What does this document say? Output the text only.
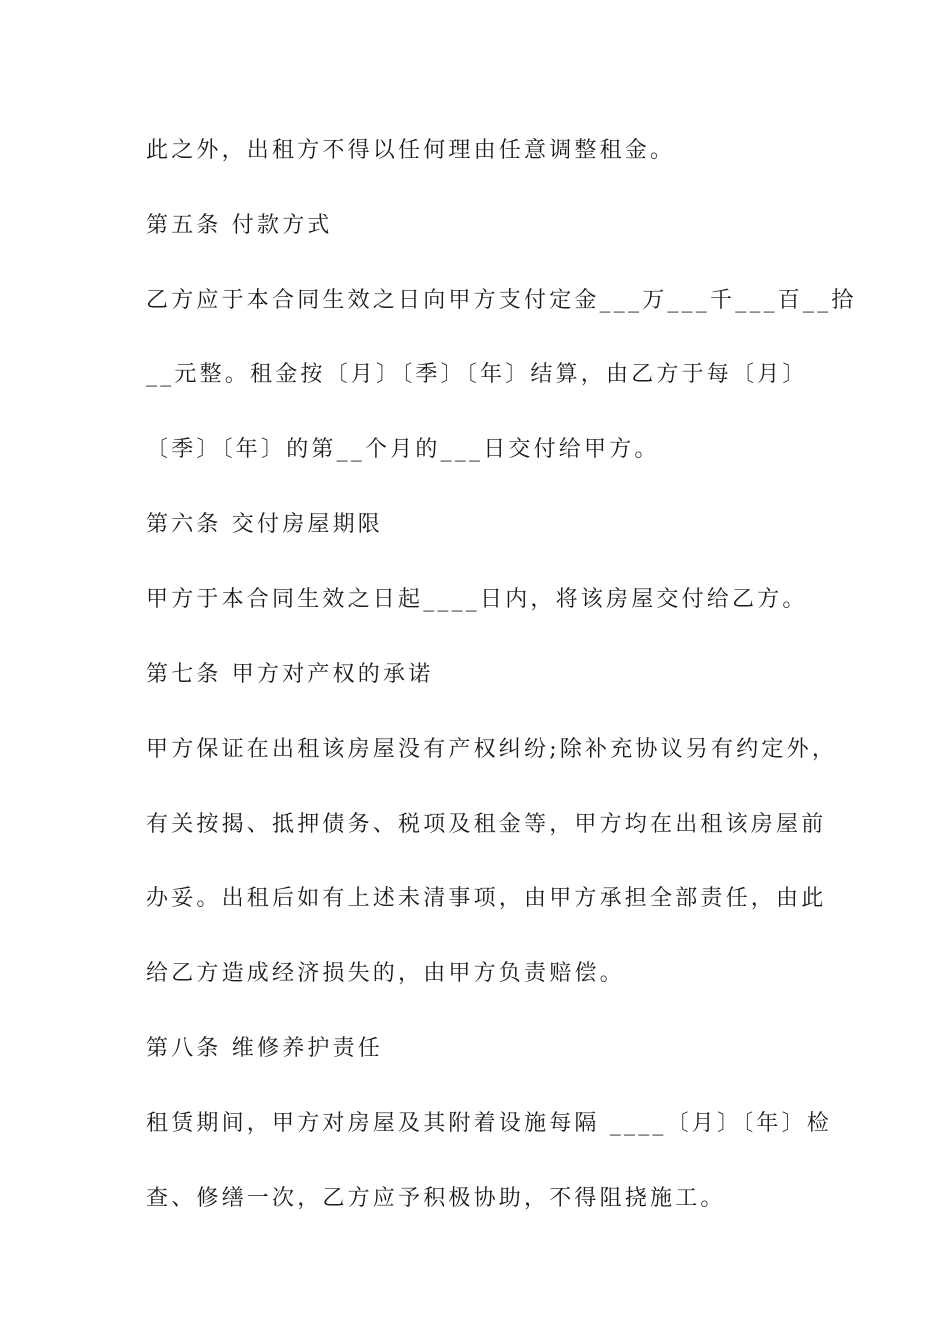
此之外，出租方不得以任何理由任意调整租金。
第五条 付款方式
乙方应于本合同生效之日向甲方支付定金___万___千___百__拾
__元整。租金按〔月〕〔季〕〔年〕结算，由乙方于每〔月〕
〔季〕〔年〕的第__个月的___日交付给甲方。
第六条 交付房屋期限
甲方于本合同生效之日起____日内，将该房屋交付给乙方。
第七条 甲方对产权的承诺
甲方保证在出租该房屋没有产权纠纷;除补充协议另有约定外，
有关按揭、抵押债务、税项及租金等，甲方均在出租该房屋前
办妥。出租后如有上述未清事项，由甲方承担全部责任，由此
给乙方造成经济损失的，由甲方负责赔偿。
第八条 维修养护责任
租赁期间，甲方对房屋及其附着设施每隔 ____〔月〕〔年〕检
查、修缮一次，乙方应予积极协助，不得阻挠施工。
